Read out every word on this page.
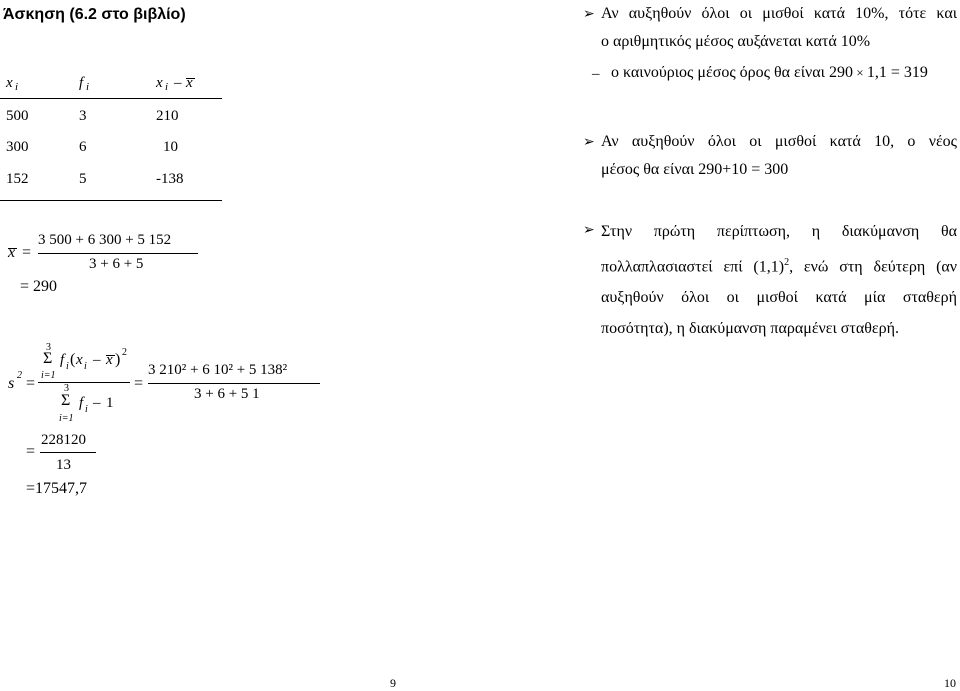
Άσκηση (6.2 στο βιβλίο)
x i	f i	x i – x
500	3	210
300	6	10
152	5	-138
x =
3 500 + 6 300 + 5 152
3 + 6 + 5
= 290
s 2 =
3
Σ
i=1
f i ( x i – x ) 2
3
Σ
i=1
f i – 1
=
3 210² + 6 10² + 5 138²
3 + 6 + 5 1
=
228120
13
=17547,7
➢ Αν αυξηθούν όλοι οι μισθοί κατά 10%, τότε και
ο αριθμητικός μέσος αυξάνεται κατά 10%
– ο καινούριος μέσος όρος θα είναι 290 × 1,1 = 319
➢ Αν αυξηθούν όλοι οι μισθοί κατά 10, ο νέος
μέσος θα είναι 290+10 = 300
➢ Στην πρώτη περίπτωση, η διακύμανση θα
πολλαπλασιαστεί επί $(1,1)^2$, ενώ στη δεύτερη (αν
αυξηθούν όλοι οι μισθοί κατά μία σταθερή
ποσότητα), η διακύμανση παραμένει σταθερή.
9	10
